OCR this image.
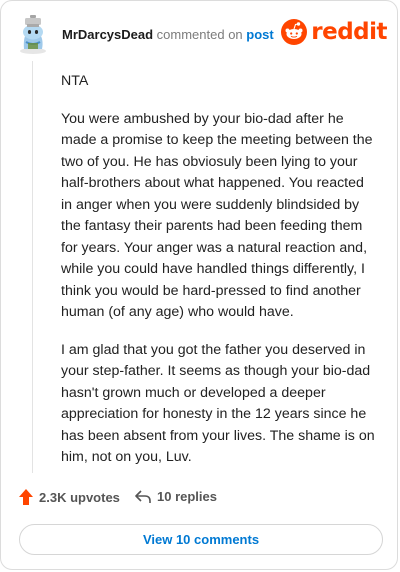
MrDarcysDead commented on post reddit

NTA

You were ambushed by your bio-dad after he made a promise to keep the meeting between the two of you. He has obviosuly been lying to your half-brothers about what happened. You reacted in anger when you were suddenly blindsided by the fantasy their parents had been feeding them for years. Your anger was a natural reaction and, while you could have handled things differently, I think you would be hard-pressed to find another human (of any age) who would have.

I am glad that you got the father you deserved in your step-father. It seems as though your bio-dad hasn't grown much or developed a deeper appreciation for honesty in the 12 years since he has been absent from your lives. The shame is on him, not on you, Luv.

2.3K upvotes	10 replies
View 10 comments
